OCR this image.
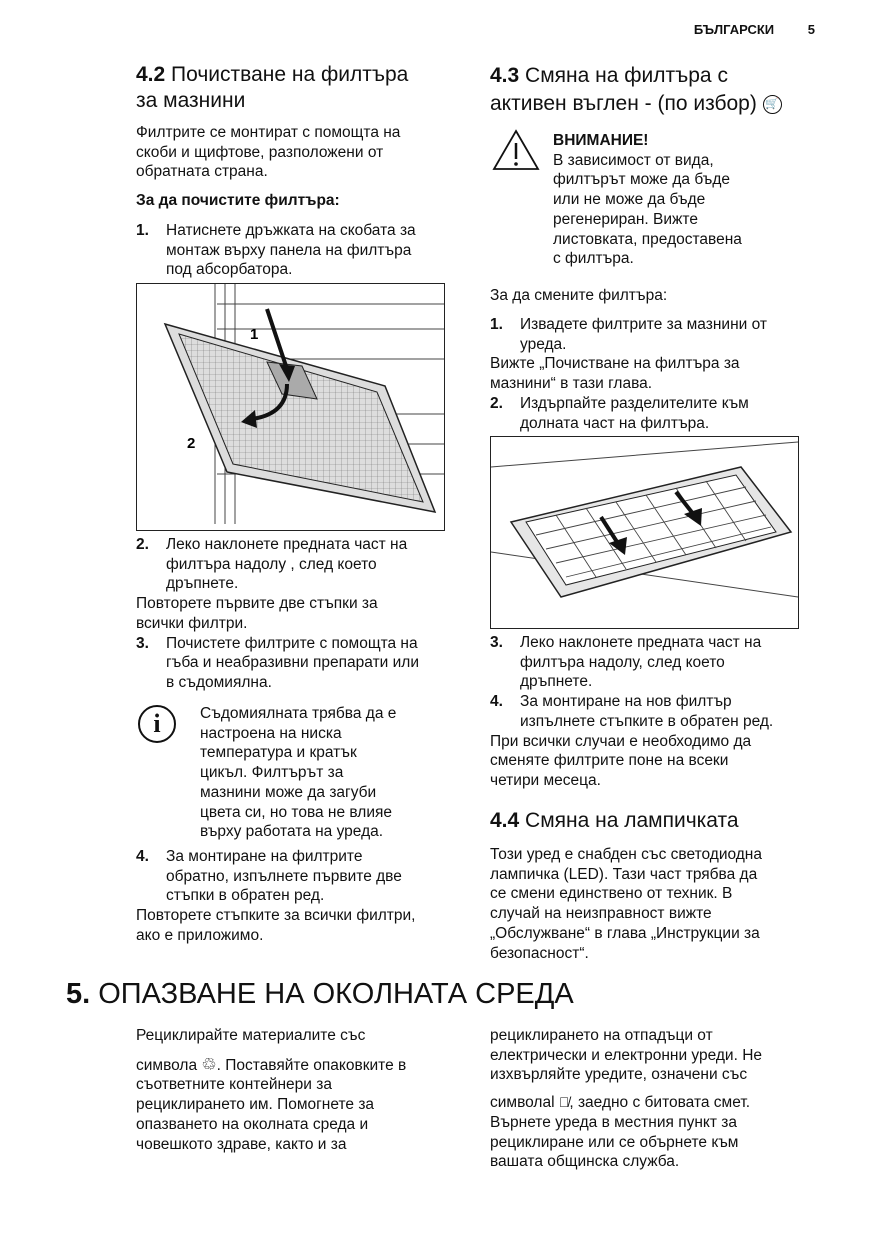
БЪЛГАРСКИ	5
4.2 Почистване на филтъра
за мазнини
Филтрите се монтират с помощта на
скоби и щифтове, разположени от
обратната страна.
За да почистите филтъра:
1. Натиснете дръжката на скобата за
монтаж върху панела на филтъра
под абсорбатора.
1
2
2. Леко наклонете предната част на
филтъра надолу , след което
дръпнете.
Повторете първите две стъпки за
всички филтри.
3. Почистете филтрите с помощта на
гъба и неабразивни препарати или
в съдомиялна.
i	Съдомиялната трябва да е
настроена на ниска
температура и кратък
цикъл. Филтърът за
мазнини може да загуби
цвета си, но това не влияе
върху работата на уреда.
4. За монтиране на филтрите
обратно, изпълнете първите две
стъпки в обратен ред.
Повторете стъпките за всички филтри,
ако е приложимо.
4.3 Смяна на филтъра с
активен въглен - (по избор) 🛒
ВНИМАНИЕ!
В зависимост от вида,
филтърът може да бъде
или не може да бъде
регенериран. Вижте
листовката, предоставена
с филтъра.
За да смените филтъра:
1. Извадете филтрите за мазнини от
уреда.
Вижте „Почистване на филтъра за
мазнини“ в тази глава.
2. Издърпайте разделителите към
долната част на филтъра.
3. Леко наклонете предната част на
филтъра надолу, след което
дръпнете.
4. За монтиране на нов филтър
изпълнете стъпките в обратен ред.
При всички случаи е необходимо да
сменяте филтрите поне на всеки
четири месеца.
4.4 Смяна на лампичката
Този уред е снабден със светодиодна
лампичка (LED). Тази част трябва да
се смени единствено от техник. В
случай на неизправност вижте
„Обслужване“ в глава „Инструкции за
безопасност“.
5. ОПАЗВАНЕ НА ОКОЛНАТА СРЕДА
Рециклирайте материалите със
символа ♲. Поставяйте опаковките в
съответните контейнери за
рециклирането им. Помогнете за
опазването на околната среда и
човешкото здраве, както и за
рециклирането на отпадъци от
електрически и електронни уреди. Не
изхвърляйте уредите, означени със
символаl 🗑̸, заедно с битовата смет.
Върнете уреда в местния пункт за
рециклиране или се обърнете към
вашата общинска служба.
